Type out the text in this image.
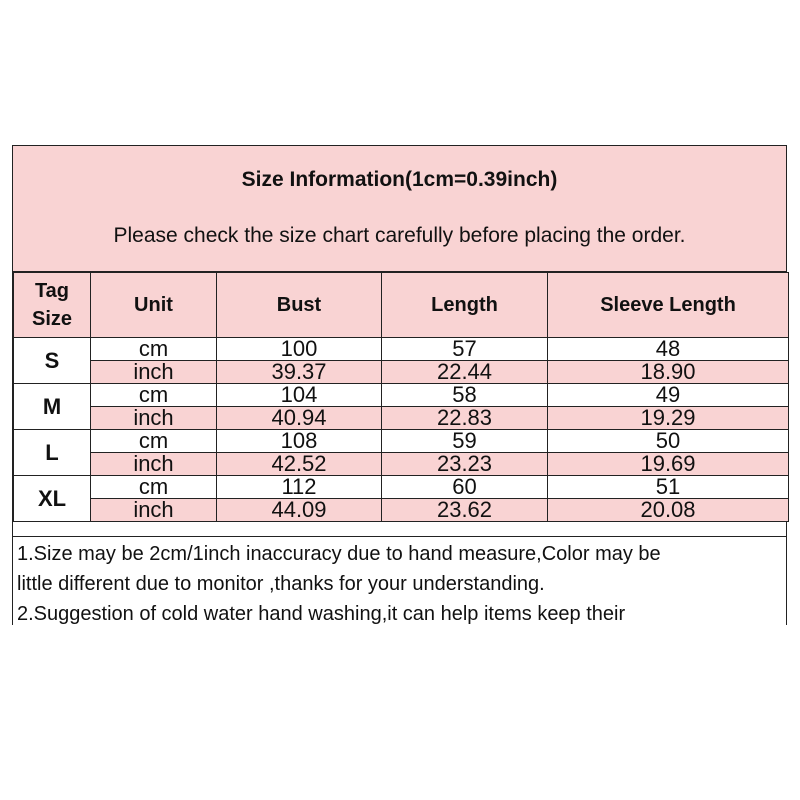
Size Information(1cm=0.39inch)
Please check the size chart carefully before placing the order.
Tag
Size	Unit	Bust	Length	Sleeve Length
S	cm	100	57	48
	inch	39.37	22.44	18.90
M	cm	104	58	49
	inch	40.94	22.83	19.29
L	cm	108	59	50
	inch	42.52	23.23	19.69
XL	cm	112	60	51
	inch	44.09	23.62	20.08
1.Size may be 2cm/1inch inaccuracy due to hand measure,Color may be
little different due to monitor ,thanks for your understanding.
2.Suggestion of cold water hand washing,it can help items keep their
